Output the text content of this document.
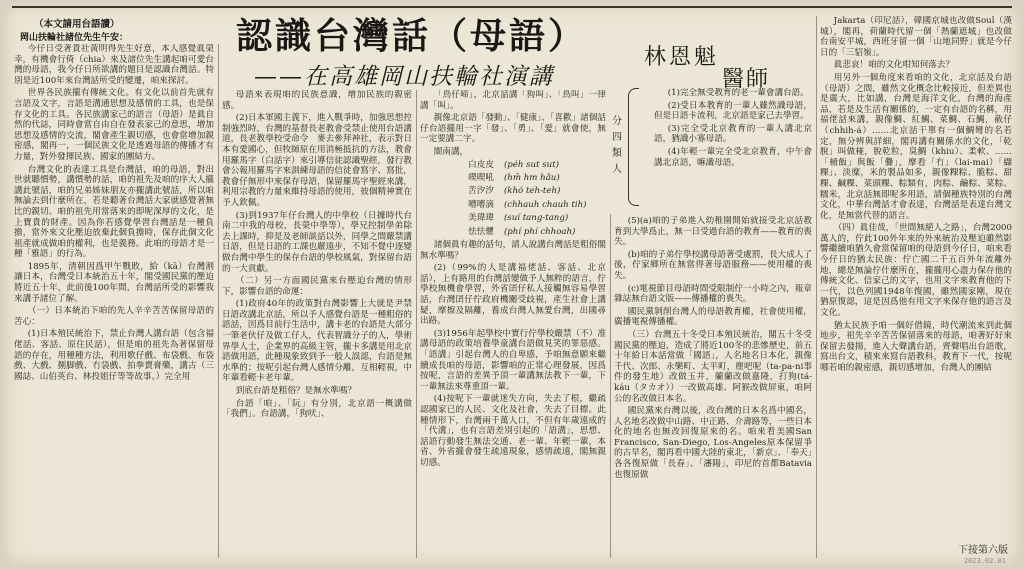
（本文請用台語讀）
岡山扶輪社諸位先生午安：	認識台灣話（母語）
——在高雄岡山扶輪社演講
林恩魁
醫師

今仔日受著貴社黃明得先生好意，本人感覺眞榮幸，有機會行倚（chia）來及諸位先生講起咱可愛台灣的母語，我今仔日所欲講的題目是認識台灣話。特別是近100年來台灣話所受的變遷，咱來探討。

世界各民族攏有傳統文化。有文化以前首先就有言語及文字，言語是溝通思想及感情的工具，也是保存文化的工具。各民族講家己的語言（母語）是眞自然的代誌，同時會當自由自在發表家己的意思，增加思想及感情的交流，閣會產生親切感，也會當增加親密感，閣再一，一個民族文化是透過母語的傳播才有力量，對外發揮民族、國家的團結力。

台灣文化的表達工具是台灣話，咱的母語，對出世就聽慣勢，講慣勢的話，咱的祖先及咱的序大人攏講此號話，咱的兄弟姊妹朋友亦攏講此號話，所以咱無論去到什麼所在，若是聽著台灣話大家就感覺著無比的親切。咱的祖先用當落來的即呢深厚的文化，是上寶貴的財產。因為你若感覺學習台灣話是一種負擔，當外來文化壓迫放棄此個負擔時，保存此個文化祖產就成做咱的權利，也是義務。此咱的母語才是一種「雅語」的行為。

1895年，清朝因爲甲午戰敗，給（kā）台灣割讓日本，台灣受日本統治五十年，閣受國民黨的壓迫將近五十年，此前後100年間，台灣話所受的影響我來講予諸位了解。

（一）日本統治下咱的先人辛辛苦苦保留母語的苦心：

(1)日本殖民統治下，禁止台灣人講台語（包含福佬話、客話、原住民話），但是咱的祖先為著保留母語的存在，用種種方法，利用歌仔戲、布袋戲、布袋戲、大戲、捌脚戲、冇袋戲、拍拳賣膏藥，講古（三國誌、山伯英台、林投姐仔等等故事。）完全用

母語來表現咱的民族意識，增加民族的親密感。

(2)日本軍國主義下，進入戰爭時，加強思想控制強烈時，台灣的基督長老教會受禁止使用台語講道，長老教學校受命令　麥去參拜神社，表示對日本有愛國心，但牧師原在用消極抵抗的方法，教會用羅馬字（白話字）來引導信徒認識聖經，發行教會公報用羅馬字來訓練母語的信徒會寫字、寫批，教會仔無形中來保存母語，保留羅馬字聖經來講，利用宗教的力量來維持母語的使用，彼個精神實在予人欽佩。

(3)到1937年仔台灣人的中學校（日據時代台南二中我的母校，長榮中學等），學兄控制學弟除去上課時，抑是及老師談話以外，同學之間嚴禁講日語，但是日語的工課也嚴遠步，不知不覺中逐變做台灣中學生的保存台語的學校風氣，對保留台語的一大貢獻。

（二）另一方面國民黨來台壓迫台灣的情形下，影響台語的命運：

(1)政府40年的政策對台灣影響上大就是尹禁日語改講北京話，所以予人感覺台語是一種粗俗的語話，因爲目前行生活中，講卡老的台語是大部分一筆老伙仔及做工仔人，代表智識分子的人，學術界學人士，企業界的高級主管，攏卡多講是用北京語做用語，此種現象致到予一般人誤認，台語是無水準的；按呢引起台灣人感情分離，互相輕視，中年輩看輕卡老年輩。

到底台語是粗俗？是無水準嗎？

台語「咱」、「阮」有分別，北京語一概講做「我們」。台語講，「狗吠」、

「鳥仔啼」，北京話講「狗叫」、「鳥叫」一律講「叫」。

親像北京語「發動」、「健康」、「喜歡」諸個話仔台語攏用一字「發」、「勇」、「愛」就會使，無一定要講二字。

閩南講，

白皮皮 (pe̍h sut sut)

喫喫吼 (hm̄ hm hâu)

苦汐汐 (khó teh-teh)

嘈嘈滴 (chhauh chauh tih)

美瑋瑋 (suí tang-tang)

怯怯懼 (phí phí chhoah)

諸個眞有趣的話句，請人說講台灣話是粗俗閣無水準嗎？

(2)（99%的人是講福佬話、客話、北京話），上有路用的台灣話變做予人無粹的語言，佇學校無機會學習，外省囝仔私人接觸無容易學習話，台灣囝仔佇政府機關受歧視，產生社會上講疑，摩擦及隔離，養成台灣人無愛台灣，出國尋出路。

(3)1956年起學校中實行佇學校嚴禁（不）准講母語的政策培養學童講台語做見笑的罪惡感。「語講」引起台灣人的自卑感，予咱無意願來繼續成長咱的母語，影響咱的正常心理發展，因爲按呢，言語的差異予頂一輩講無法教下一輩，下一輩無法來尊重頂一輩。

(4)按呢下一輩就迷失方向，失去了根，繼疏認國家已的人民、文化及社會，失去了目標。此種情形下，台灣兩千萬人口，不但有年歲遠成的「代溝」，也有言語差別引起的「語溝」，思想、話語行動發生無法交通、老一輩、年輕一輩，本省、外省攏會發生疏遠現象，感情疏遠，閣無親切感。

分四類人

(1)完全無受教育的老一輩會講台語。

(2)受日本教育的一輩人雖然識母語，但是日語卡流利，北京語是家己去學習。

(3)完全受北京教育的一輩人講北京語，猶識小寡母語。

(4)年輕一輩完全受北京教育，中午會講北京語，嘛識母語。

(5)(a)咱的子弟進入幼稚園開始就接受北京話教育到大學爲止，無一日受過台語的教育——教育的喪失。

(b)咱的子弟佇學校講母語著受處罰，長大成人了後，佇家鄉所在無當得著母語服務——使用權的喪失。

(c)電視節目母語時間受限制佇一小時之內，報章雜誌無台語文版——傳播權的喪失。

國民黨剝削台灣人的母語教育權，社會使用權，廣播電視傳播權。

（三）台灣五十冬受日本殖民統治，閣五十冬受國民黨的壓迫，造成了將近100冬的悲慘歷史，前五十年給日本話當做「國語」，人名地名日本化，親像千代、次郎、永樂町、太平町，塵吧呢（ta-pa-ni事件的發生地）改做玉井，蘭蘭改做嘉隆，打狗(tá-káu（タカオ））一改做高雄、阿猴改做屏東，咱阿公的名改做日本名。

國民黨來台灣以後，改台灣的日本名爲中國名，人名地名改做中山路、中正路、介壽路等，一些日本化的地名也無改回復原來的名。咱來看美國San Francisco, San-Diego, Los-Angeles原本保留爭的古早名，閣再看中國大陸的東北，「新京」、「奉天」各各復原做「長春」、「瀋陽」，印尼的首都Batavia也復原做

Jakarta（印尼話），韓國京城也改做Soul（漢城），閣再，荷蘭時代留一個「熱蘭遮城」也改做台南安平城，西班牙留一個「山地同野」就是今仔日的「三貂嶺」。

眞悲哀！咱的文化咁知何落去？

用另外一個角度來看咱的文化，北京話及台語（母語）之間，雖然文化概念比較接近，但差異也是廣大，比如講，台灣是海洋文化，台灣的海產品，若是及生活有關係的，一定有台語的名稱，用福佬話來講，親像鯛、紅鯛、菜鯛、石鯛，截仔（chhih-á）……北京話干單有一個鯛彎的名若定，無分辨與詳細，閣再講有關係水的文化，「乾脫」叫做椪，脫乾粒，臭鯛（khiu）、柔軟、……「桶飯」與飯「爨」，摩看「冇」（lai-mai）「纈粿」、淡糜，米的製品如多，親像粿粽、脆粽、甜粿、鹹粿、菜頭粿、粽類有，肉粽、鹼粽、菜粽、糯米，北京話無即呢多用語，請個種族特別的台灣文化，中華台灣話才會表達，台灣話是表達台灣文化，是無當代替的語言。

（四）眞佳哉，「世間無絕人之路」，台灣2000萬人的，佇此100外年來的外來統治及壓迫雖然影響繼續咱猶久會當保留咱的母語到今仔日，咱來看今仔日的猶太民族：佇亡國二千五百外年流離外地，總是無論佇什麼所在，攏攏用心盡力保存他的傳統文化、信家己的文字，也用文字來教育他的下一代，以色列國1948年復國，雖然國家剛，現在猶原復認，這是因爲他有用文字來保存他的語言及文化。

猶太民族予咱一個好借鏡，時代潮流來到此個地步，祖先辛辛苦苦保留落來的母語，咱著好好來保留去發揚，進入大聲講台語，齊聲唱出台語歌，寫出台文，積來來寫台語教科，教育下一代，按呢哪若咱的親密感，親切感增加，台灣人的團結

下接第六版
2023.02.01
